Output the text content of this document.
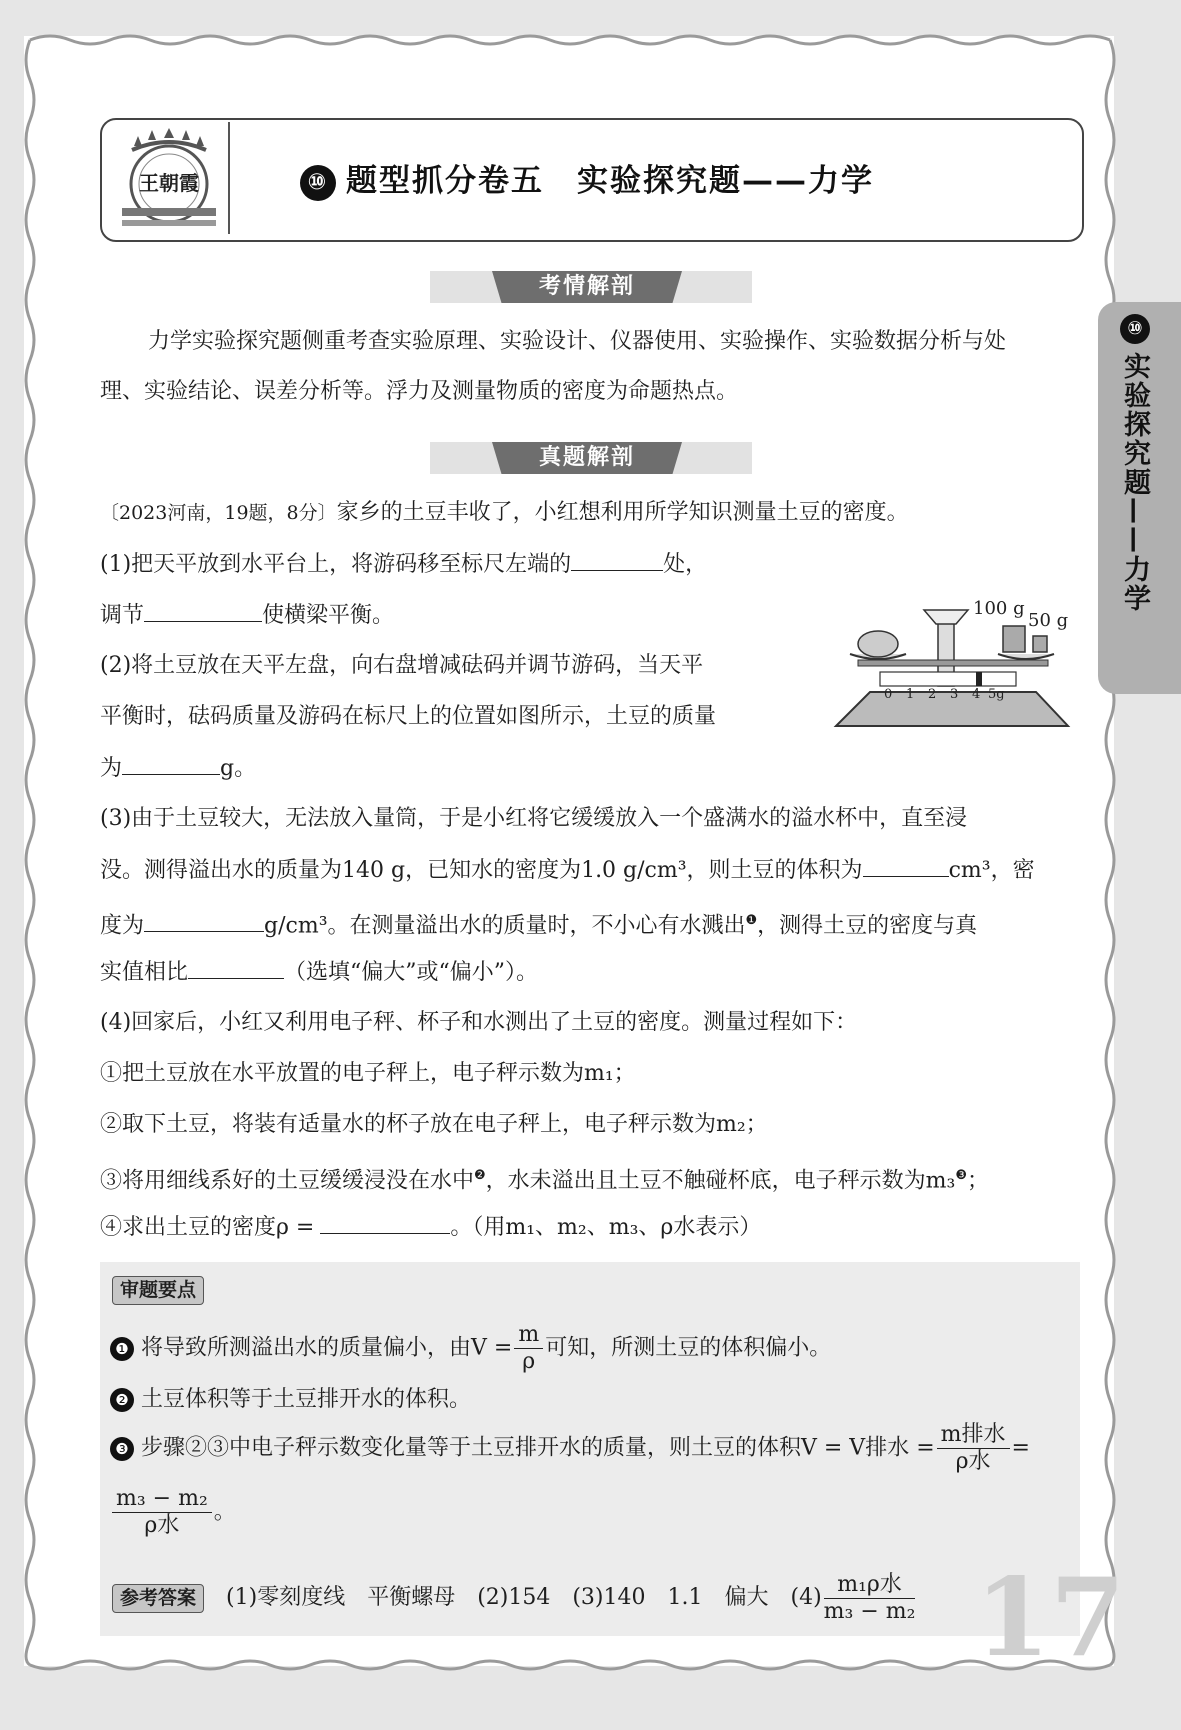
王朝霞	⑩ 题型抓分卷五　实验探究题——力学
⑩
实验探究题——力学
考情解剖
力学实验探究题侧重考查实验原理、实验设计、仪器使用、实验操作、实验数据分析与处
理、实验结论、误差分析等。浮力及测量物质的密度为命题热点。
真题解剖
〔2023河南，19题，8分〕家乡的土豆丰收了，小红想利用所学知识测量土豆的密度。
(1)把天平放到水平台上，将游码移至标尺左端的	处，
调节	使横梁平衡。
(2)将土豆放在天平左盘，向右盘增减砝码并调节游码，当天平
平衡时，砝码质量及游码在标尺上的位置如图所示，土豆的质量
为	g。
100 g
50 g
0 1 2 3 4 5g
(3)由于土豆较大，无法放入量筒，于是小红将它缓缓放入一个盛满水的溢水杯中，直至浸
没。测得溢出水的质量为140 g，已知水的密度为1.0 g/cm³，则土豆的体积为	cm³，密
度为	g/cm³。在测量溢出水的质量时，不小心有水溅出$^❶$，测得土豆的密度与真
实值相比	（选填“偏大”或“偏小”）。
(4)回家后，小红又利用电子秤、杯子和水测出了土豆的密度。测量过程如下：
①把土豆放在水平放置的电子秤上，电子秤示数为m₁；
②取下土豆，将装有适量水的杯子放在电子秤上，电子秤示数为m₂；
③将用细线系好的土豆缓缓浸没在水中$^❷$，水未溢出且土豆不触碰杯底，电子秤示数为m₃$^❸$；
④求出土豆的密度ρ =	。（用m₁、m₂、m₃、ρ水表示）
审题要点
❶ 将导致所测溢出水的质量偏小，由$V = \frac{m}{\rho}$ 可知，所测土豆的体积偏小。
❷ 土豆体积等于土豆排开水的体积。
❸ 步骤②③中电子秤示数变化量等于土豆排开水的质量，则土豆的体积V = V排水 = $\frac{\text{m排水}}{\text{ρ水}}$ =
$\frac{\text{m₃ − m₂}}{\text{ρ水}}$ 。
参考答案　 (1)零刻度线　平衡螺母　(2)154　(3)140　1.1　偏大　$(4) \frac{\text{m₁ρ水}}{\text{m₃ − m₂}} 17$
